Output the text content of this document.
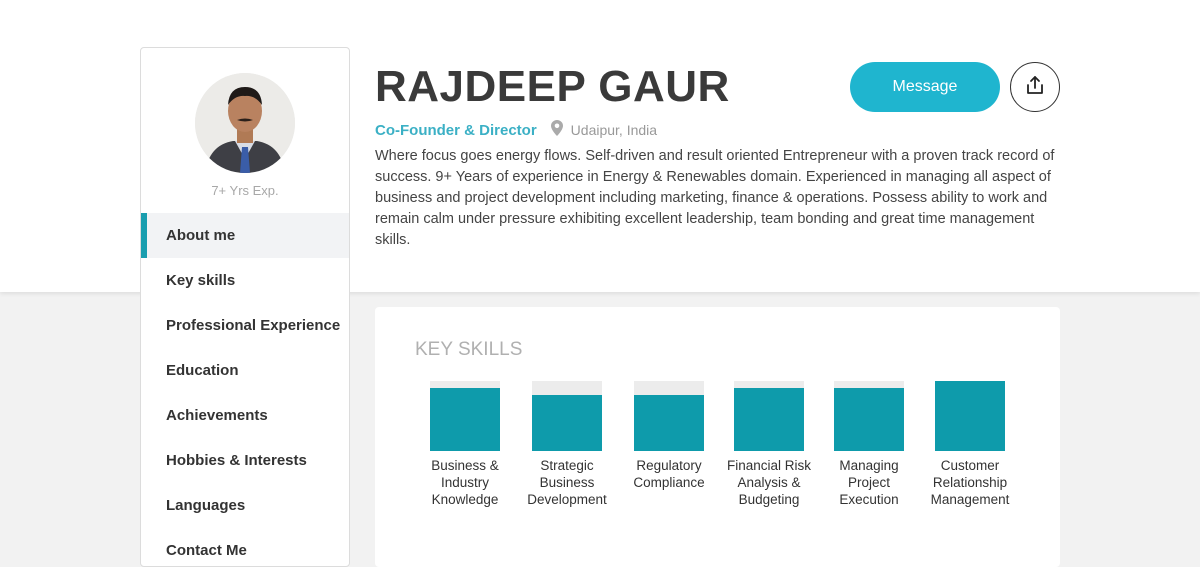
7+ Yrs Exp.
About me
Key skills
Professional Experience
Education
Achievements
Hobbies & Interests
Languages
Contact Me
RAJDEEP GAUR
Co-Founder & Director Udaipur, India
Where focus goes energy flows. Self-driven and result oriented Entrepreneur with a proven track record of success. 9+ Years of experience in Energy & Renewables domain. Experienced in managing all aspect of business and project development including marketing, finance & operations. Possess ability to work and remain calm under pressure exhibiting excellent leadership, team bonding and great time management skills.
Message
KEY SKILLS
Business & Industry Knowledge
Strategic Business Development
Regulatory Compliance
Financial Risk Analysis & Budgeting
Managing Project Execution
Customer Relationship Management
